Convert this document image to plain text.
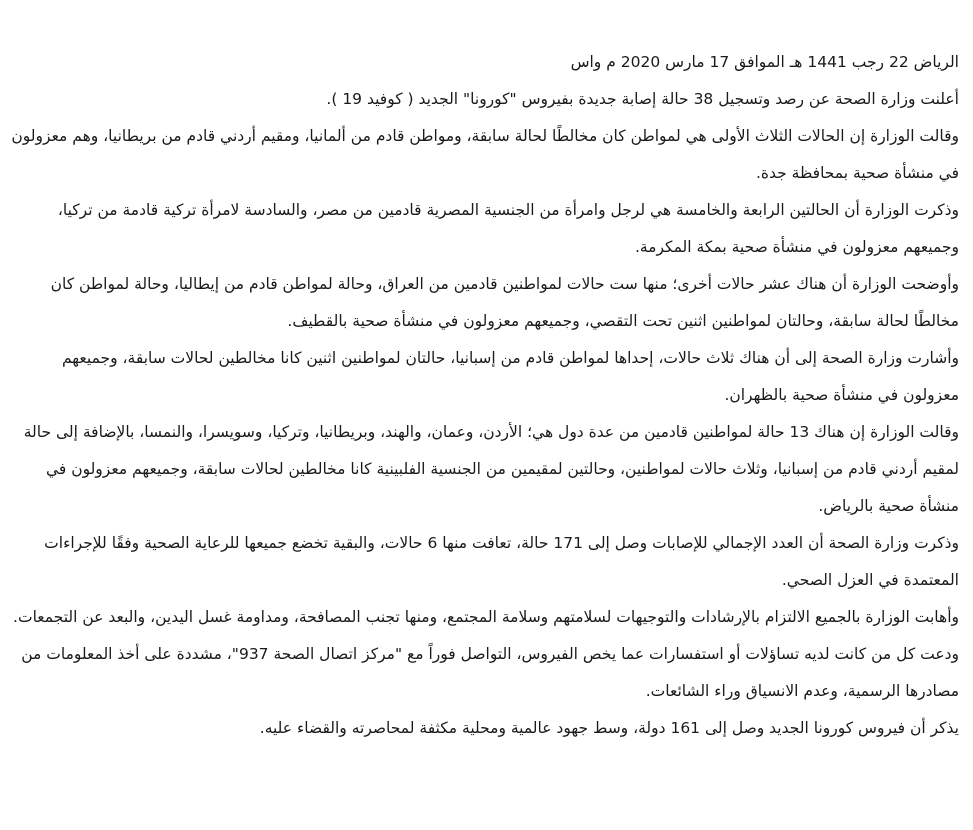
الرياض 22 رجب 1441 هـ الموافق 17 مارس 2020 م واس

أعلنت وزارة الصحة عن رصد وتسجيل 38 حالة إصابة جديدة بفيروس "كورونا" الجديد ( كوفيد 19 ).

وقالت الوزارة إن الحالات الثلاث الأولى هي لمواطن كان مخالطًا لحالة سابقة، ومواطن قادم من ألمانيا، ومقيم أردني قادم من بريطانيا، وهم معزولون في منشأة صحية بمحافظة جدة.

وذكرت الوزارة أن الحالتين الرابعة والخامسة هي لرجل وامرأة من الجنسية المصرية قادمين من مصر، والسادسة لامرأة تركية قادمة من تركيا، وجميعهم معزولون في منشأة صحية بمكة المكرمة.

وأوضحت الوزارة أن هناك عشر حالات أخرى؛ منها ست حالات لمواطنين قادمين من العراق، وحالة لمواطن قادم من إيطاليا، وحالة لمواطن كان مخالطًا لحالة سابقة، وحالتان لمواطنين اثنين تحت التقصي، وجميعهم معزولون في منشأة صحية بالقطيف.

وأشارت وزارة الصحة إلى أن هناك ثلاث حالات، إحداها لمواطن قادم من إسبانيا، حالتان لمواطنين اثنين كانا مخالطين لحالات سابقة، وجميعهم معزولون في منشأة صحية بالظهران.

وقالت الوزارة إن هناك 13 حالة لمواطنين قادمين من عدة دول هي؛ الأردن، وعمان، والهند، وبريطانيا، وتركيا، وسويسرا، والنمسا، بالإضافة إلى حالة لمقيم أردني قادم من إسبانيا، وثلاث حالات لمواطنين، وحالتين لمقيمين من الجنسية الفلبينية كانا مخالطين لحالات سابقة، وجميعهم معزولون في منشأة صحية بالرياض.

وذكرت وزارة الصحة أن العدد الإجمالي للإصابات وصل إلى 171 حالة، تعافت منها 6 حالات، والبقية تخضع جميعها للرعاية الصحية وفقًا للإجراءات المعتمدة في العزل الصحي.

وأهابت الوزارة بالجميع الالتزام بالإرشادات والتوجيهات لسلامتهم وسلامة المجتمع، ومنها تجنب المصافحة، ومداومة غسل اليدين، والبعد عن التجمعات.

ودعت كل من كانت لديه تساؤلات أو استفسارات عما يخص الفيروس، التواصل فوراً مع "مركز اتصال الصحة 937"، مشددة على أخذ المعلومات من مصادرها الرسمية، وعدم الانسياق وراء الشائعات.

يذكر أن فيروس كورونا الجديد وصل إلى 161 دولة، وسط جهود عالمية ومحلية مكثفة لمحاصرته والقضاء عليه.
